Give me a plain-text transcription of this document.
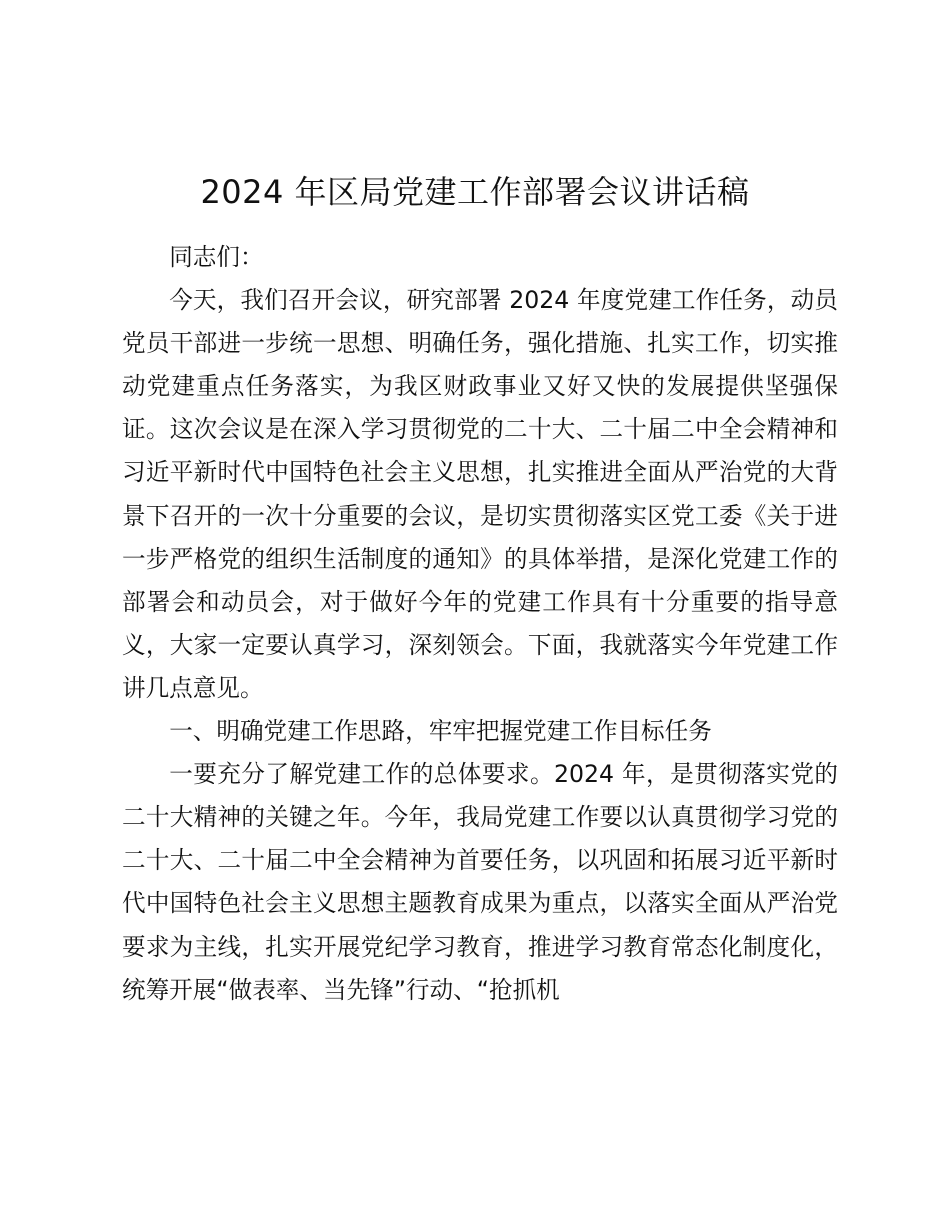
2024 年区局党建工作部署会议讲话稿

同志们：

今天，我们召开会议，研究部署 2024 年度党建工作任务，动员党员干部进一步统一思想、明确任务，强化措施、扎实工作，切实推动党建重点任务落实，为我区财政事业又好又快的发展提供坚强保证。这次会议是在深入学习贯彻党的二十大、二十届二中全会精神和习近平新时代中国特色社会主义思想，扎实推进全面从严治党的大背景下召开的一次十分重要的会议，是切实贯彻落实区党工委《关于进一步严格党的组织生活制度的通知》的具体举措，是深化党建工作的部署会和动员会，对于做好今年的党建工作具有十分重要的指导意义，大家一定要认真学习，深刻领会。下面，我就落实今年党建工作讲几点意见。

一、明确党建工作思路，牢牢把握党建工作目标任务

一要充分了解党建工作的总体要求。2024 年，是贯彻落实党的二十大精神的关键之年。今年，我局党建工作要以认真贯彻学习党的二十大、二十届二中全会精神为首要任务，以巩固和拓展习近平新时代中国特色社会主义思想主题教育成果为重点，以落实全面从严治党要求为主线，扎实开展党纪学习教育，推进学习教育常态化制度化，统筹开展“做表率、当先锋”行动、“抢抓机
